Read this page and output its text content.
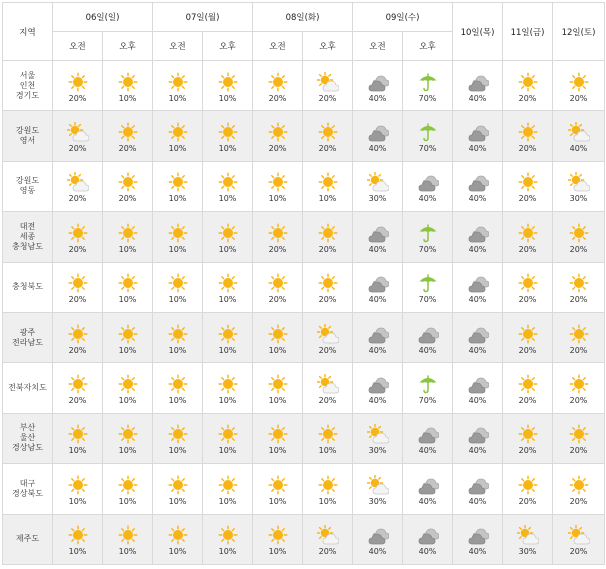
지역	06일(일)		07일(월)		08일(화)		09일(수)		10일(목)	11일(금)	12일(토)
	오전	오후	오전	오후	오전	오후	오전	오후			

서울
인천
경기도	20%	10%	10%	10%	20%	20%	40%	70%	40%	20%	20%

강원도
영서	20%	20%	10%	10%	20%	20%	40%	70%	40%	20%	40%

강원도
영동	20%	20%	10%	10%	10%	10%	30%	40%	40%	20%	30%

대전
세종
충청남도	20%	10%	10%	10%	20%	20%	40%	70%	40%	20%	20%

충청북도	20%	10%	10%	10%	20%	20%	40%	70%	40%	20%	20%

광주
전라남도	20%	10%	10%	10%	10%	20%	40%	40%	40%	20%	20%

전북자치도	20%	10%	10%	10%	10%	20%	40%	70%	40%	20%	20%

부산
울산
경상남도	10%	10%	10%	10%	10%	10%	30%	40%	40%	20%	20%

대구
경상북도	10%	10%	10%	10%	10%	10%	30%	40%	40%	20%	20%

제주도	10%	10%	10%	10%	10%	20%	40%	40%	40%	30%	20%
